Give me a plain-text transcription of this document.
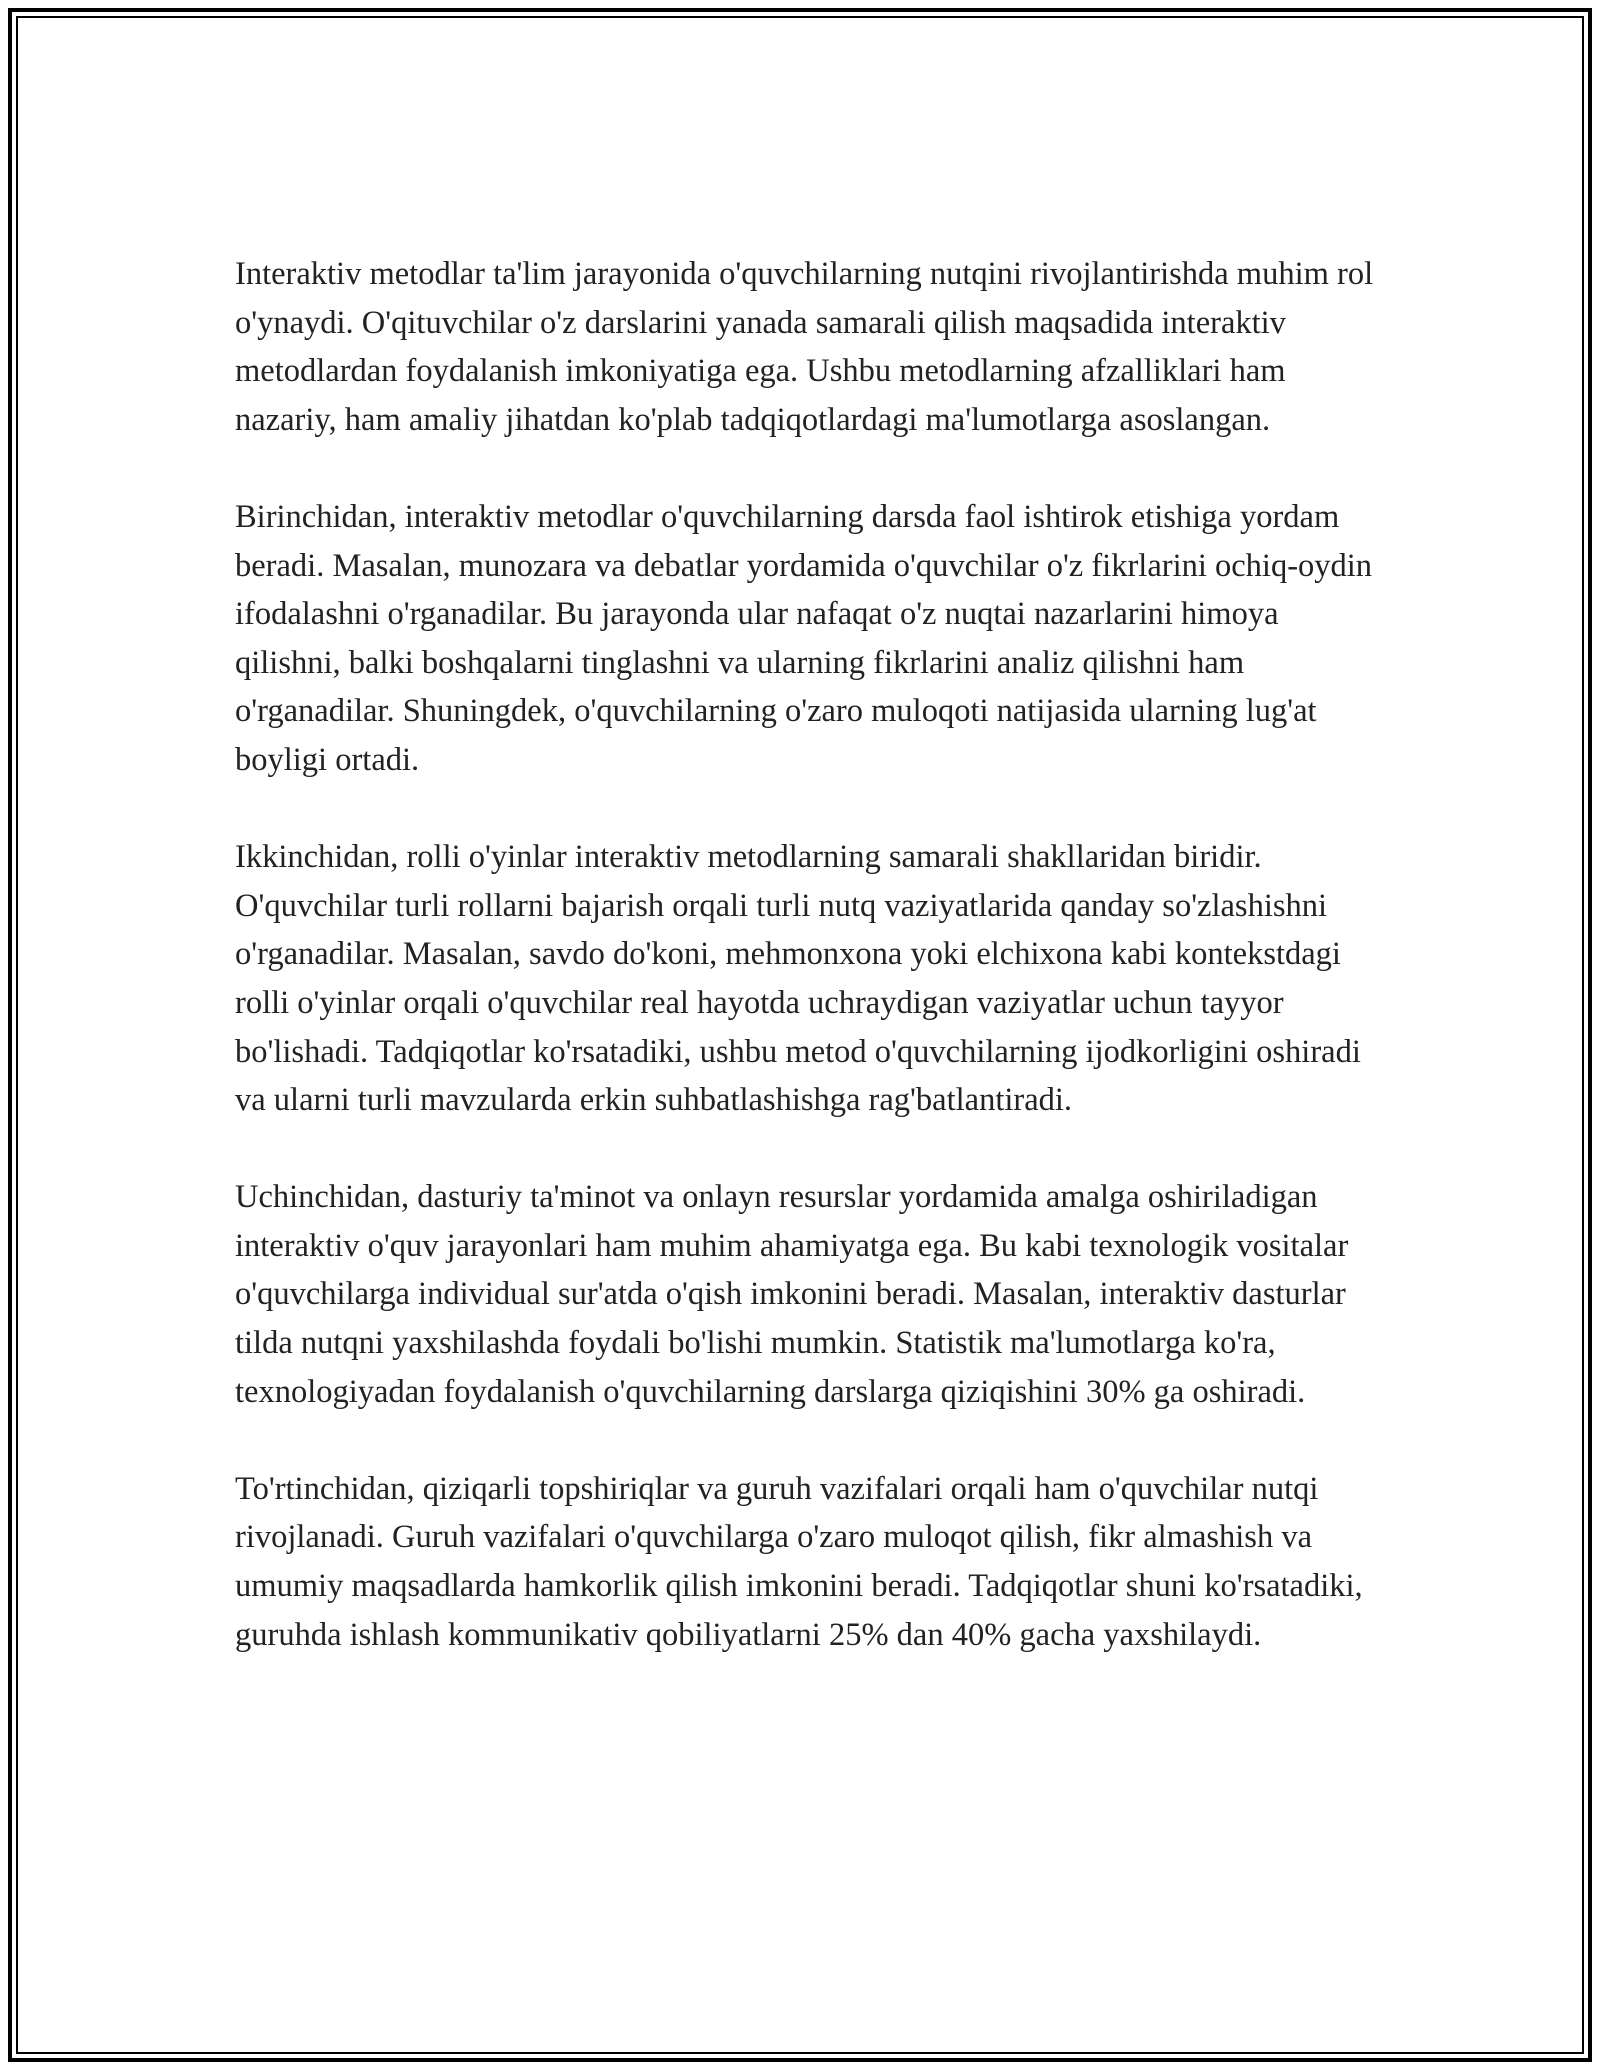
Interaktiv metodlar ta'lim jarayonida o'quvchilarning nutqini rivojlantirishda muhim rol o'ynaydi. O'qituvchilar o'z darslarini yanada samarali qilish maqsadida interaktiv metodlardan foydalanish imkoniyatiga ega. Ushbu metodlarning afzalliklari ham nazariy, ham amaliy jihatdan ko'plab tadqiqotlardagi ma'lumotlarga asoslangan.

Birinchidan, interaktiv metodlar o'quvchilarning darsda faol ishtirok etishiga yordam beradi. Masalan, munozara va debatlar yordamida o'quvchilar o'z fikrlarini ochiq-oydin ifodalashni o'rganadilar. Bu jarayonda ular nafaqat o'z nuqtai nazarlarini himoya qilishni, balki boshqalarni tinglashni va ularning fikrlarini analiz qilishni ham o'rganadilar. Shuningdek, o'quvchilarning o'zaro muloqoti natijasida ularning lug'at boyligi ortadi.

Ikkinchidan, rolli o'yinlar interaktiv metodlarning samarali shakllaridan biridir. O'quvchilar turli rollarni bajarish orqali turli nutq vaziyatlarida qanday so'zlashishni o'rganadilar. Masalan, savdo do'koni, mehmonxona yoki elchixona kabi kontekstdagi rolli o'yinlar orqali o'quvchilar real hayotda uchraydigan vaziyatlar uchun tayyor bo'lishadi. Tadqiqotlar ko'rsatadiki, ushbu metod o'quvchilarning ijodkorligini oshiradi va ularni turli mavzularda erkin suhbatlashishga rag'batlantiradi.

Uchinchidan, dasturiy ta'minot va onlayn resurslar yordamida amalga oshiriladigan interaktiv o'quv jarayonlari ham muhim ahamiyatga ega. Bu kabi texnologik vositalar o'quvchilarga individual sur'atda o'qish imkonini beradi. Masalan, interaktiv dasturlar tilda nutqni yaxshilashda foydali bo'lishi mumkin. Statistik ma'lumotlarga ko'ra, texnologiyadan foydalanish o'quvchilarning darslarga qiziqishini 30% ga oshiradi.

To'rtinchidan, qiziqarli topshiriqlar va guruh vazifalari orqali ham o'quvchilar nutqi rivojlanadi. Guruh vazifalari o'quvchilarga o'zaro muloqot qilish, fikr almashish va umumiy maqsadlarda hamkorlik qilish imkonini beradi. Tadqiqotlar shuni ko'rsatadiki, guruhda ishlash kommunikativ qobiliyatlarni 25% dan 40% gacha yaxshilaydi.
